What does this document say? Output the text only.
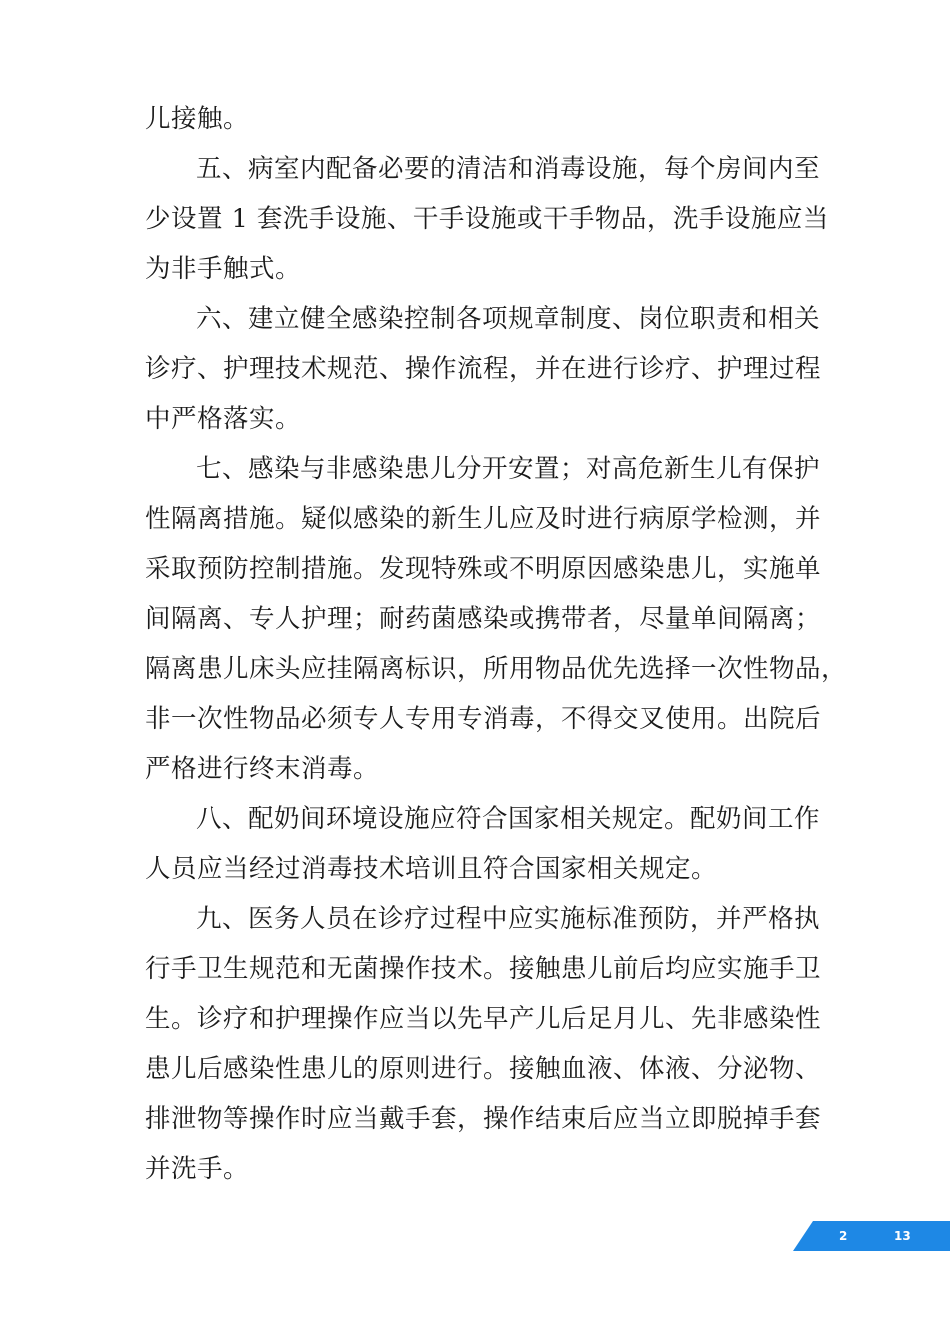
儿接触。
五、病室内配备必要的清洁和消毒设施，每个房间内至
少设置 1 套洗手设施、干手设施或干手物品，洗手设施应当
为非手触式。
六、建立健全感染控制各项规章制度、岗位职责和相关
诊疗、护理技术规范、操作流程，并在进行诊疗、护理过程
中严格落实。
七、感染与非感染患儿分开安置；对高危新生儿有保护
性隔离措施。疑似感染的新生儿应及时进行病原学检测，并
采取预防控制措施。发现特殊或不明原因感染患儿，实施单
间隔离、专人护理；耐药菌感染或携带者，尽量单间隔离；
隔离患儿床头应挂隔离标识，所用物品优先选择一次性物品，
非一次性物品必须专人专用专消毒，不得交叉使用。出院后
严格进行终末消毒。
八、配奶间环境设施应符合国家相关规定。配奶间工作
人员应当经过消毒技术培训且符合国家相关规定。
九、医务人员在诊疗过程中应实施标准预防，并严格执
行手卫生规范和无菌操作技术。接触患儿前后均应实施手卫
生。诊疗和护理操作应当以先早产儿后足月儿、先非感染性
患儿后感染性患儿的原则进行。接触血液、体液、分泌物、
排泄物等操作时应当戴手套，操作结束后应当立即脱掉手套
并洗手。
2	13
